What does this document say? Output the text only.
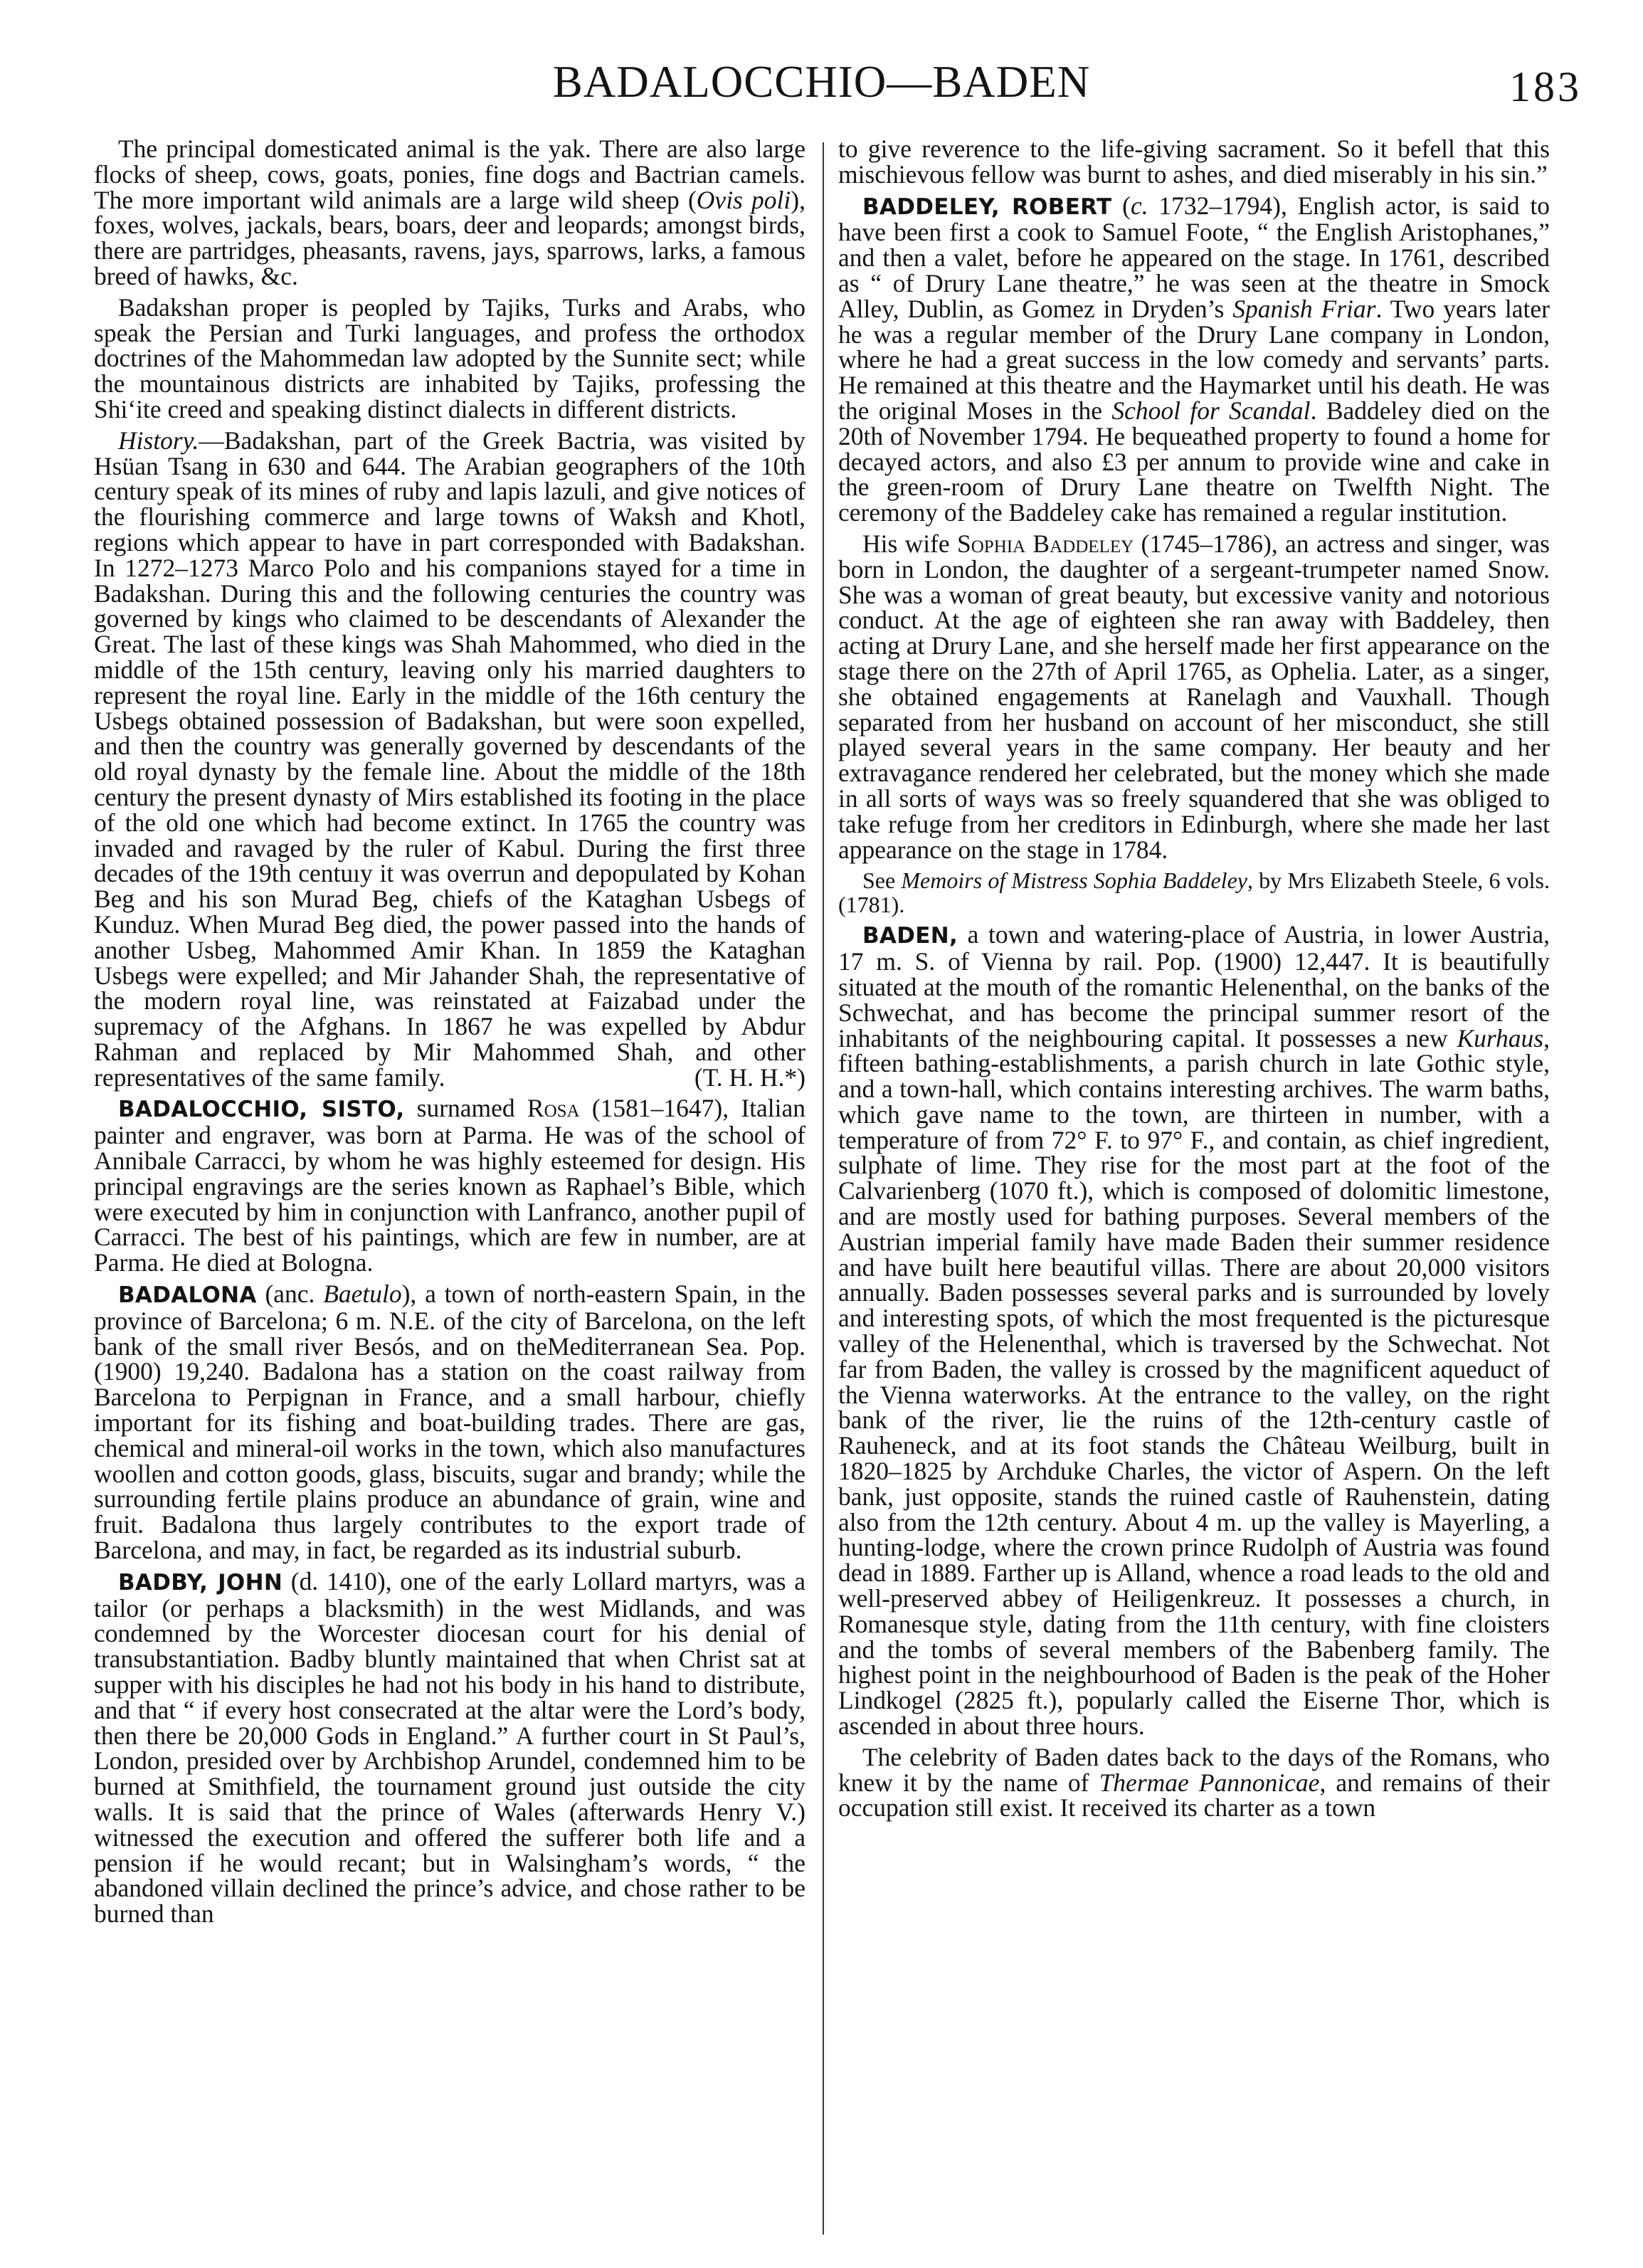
BADALOCCHIO—BADEN	183

The principal domesticated animal is the yak. There are also large flocks of sheep, cows, goats, ponies, fine dogs and Bactrian camels. The more important wild animals are a large wild sheep (Ovis poli), foxes, wolves, jackals, bears, boars, deer and leopards; amongst birds, there are partridges, pheasants, ravens, jays, sparrows, larks, a famous breed of hawks, &c.

Badakshan proper is peopled by Tajiks, Turks and Arabs, who speak the Persian and Turki languages, and profess the orthodox doctrines of the Mahommedan law adopted by the Sunnite sect; while the mountainous districts are inhabited by Tajiks, professing the Shi‘ite creed and speaking distinct dialects in different districts.

History.—Badakshan, part of the Greek Bactria, was visited by Hsüan Tsang in 630 and 644. The Arabian geographers of the 10th century speak of its mines of ruby and lapis lazuli, and give notices of the flourishing commerce and large towns of Waksh and Khotl, regions which appear to have in part corresponded with Badakshan. In 1272–1273 Marco Polo and his companions stayed for a time in Badakshan. During this and the following centuries the country was governed by kings who claimed to be descendants of Alexander the Great. The last of these kings was Shah Mahommed, who died in the middle of the 15th century, leaving only his married daughters to represent the royal line. Early in the middle of the 16th century the Usbegs obtained possession of Badakshan, but were soon expelled, and then the country was generally governed by descendants of the old royal dynasty by the female line. About the middle of the 18th century the present dynasty of Mirs established its footing in the place of the old one which had become extinct. In 1765 the country was invaded and ravaged by the ruler of Kabul. During the first three decades of the 19th centuıy it was overrun and depopulated by Kohan Beg and his son Murad Beg, chiefs of the Kataghan Usbegs of Kunduz. When Murad Beg died, the power passed into the hands of another Usbeg, Mahommed Amir Khan. In 1859 the Kataghan Usbegs were expelled; and Mir Jahander Shah, the representative of the modern royal line, was reinstated at Faizabad under the supremacy of the Afghans. In 1867 he was expelled by Abdur Rahman and replaced by Mir Mahommed Shah, and other representatives of the same family.	(T. H. H.*)

BADALOCCHIO, SISTO, surnamed Rosa (1581–1647), Italian painter and engraver, was born at Parma. He was of the school of Annibale Carracci, by whom he was highly esteemed for design. His principal engravings are the series known as Raphael’s Bible, which were executed by him in conjunction with Lanfranco, another pupil of Carracci. The best of his paintings, which are few in number, are at Parma. He died at Bologna.

BADALONA (anc. Baetulo), a town of north-eastern Spain, in the province of Barcelona; 6 m. N.E. of the city of Barcelona, on the left bank of the small river Besós, and on theMediterranean Sea. Pop. (1900) 19,240. Badalona has a station on the coast railway from Barcelona to Perpignan in France, and a small harbour, chiefly important for its fishing and boat-building trades. There are gas, chemical and mineral-oil works in the town, which also manufactures woollen and cotton goods, glass, biscuits, sugar and brandy; while the surrounding fertile plains produce an abundance of grain, wine and fruit. Badalona thus largely contributes to the export trade of Barcelona, and may, in fact, be regarded as its industrial suburb.

BADBY, JOHN (d. 1410), one of the early Lollard martyrs, was a tailor (or perhaps a blacksmith) in the west Midlands, and was condemned by the Worcester diocesan court for his denial of transubstantiation. Badby bluntly maintained that when Christ sat at supper with his disciples he had not his body in his hand to distribute, and that “ if every host consecrated at the altar were the Lord’s body, then there be 20,000 Gods in England.” A further court in St Paul’s, London, presided over by Archbishop Arundel, condemned him to be burned at Smithfield, the tournament ground just outside the city walls. It is said that the prince of Wales (afterwards Henry V.) witnessed the execution and offered the sufferer both life and a pension if he would recant; but in Walsingham’s words, “ the abandoned villain declined the prince’s advice, and chose rather to be burned than

to give reverence to the life-giving sacrament. So it befell that this mischievous fellow was burnt to ashes, and died miserably in his sin.”

BADDELEY, ROBERT (c. 1732–1794), English actor, is said to have been first a cook to Samuel Foote, “ the English Aristophanes,” and then a valet, before he appeared on the stage. In 1761, described as “ of Drury Lane theatre,” he was seen at the theatre in Smock Alley, Dublin, as Gomez in Dryden’s Spanish Friar. Two years later he was a regular member of the Drury Lane company in London, where he had a great success in the low comedy and servants’ parts. He remained at this theatre and the Haymarket until his death. He was the original Moses in the School for Scandal. Baddeley died on the 20th of November 1794. He bequeathed property to found a home for decayed actors, and also £3 per annum to provide wine and cake in the green-room of Drury Lane theatre on Twelfth Night. The ceremony of the Baddeley cake has remained a regular institution.

His wife Sophia Baddeley (1745–1786), an actress and singer, was born in London, the daughter of a sergeant-trumpeter named Snow. She was a woman of great beauty, but excessive vanity and notorious conduct. At the age of eighteen she ran away with Baddeley, then acting at Drury Lane, and she herself made her first appearance on the stage there on the 27th of April 1765, as Ophelia. Later, as a singer, she obtained engagements at Ranelagh and Vauxhall. Though separated from her husband on account of her misconduct, she still played several years in the same company. Her beauty and her extravagance rendered her celebrated, but the money which she made in all sorts of ways was so freely squandered that she was obliged to take refuge from her creditors in Edinburgh, where she made her last appearance on the stage in 1784.

See Memoirs of Mistress Sophia Baddeley, by Mrs Elizabeth Steele, 6 vols. (1781).

BADEN, a town and watering-place of Austria, in lower Austria, 17 m. S. of Vienna by rail. Pop. (1900) 12,447. It is beautifully situated at the mouth of the romantic Helenenthal, on the banks of the Schwechat, and has become the principal summer resort of the inhabitants of the neighbouring capital. It possesses a new Kurhaus, fifteen bathing-establishments, a parish church in late Gothic style, and a town-hall, which contains interesting archives. The warm baths, which gave name to the town, are thirteen in number, with a temperature of from 72° F. to 97° F., and contain, as chief ingredient, sulphate of lime. They rise for the most part at the foot of the Calvarienberg (1070 ft.), which is composed of dolomitic limestone, and are mostly used for bathing purposes. Several members of the Austrian imperial family have made Baden their summer residence and have built here beautiful villas. There are about 20,000 visitors annually. Baden possesses several parks and is surrounded by lovely and interesting spots, of which the most frequented is the picturesque valley of the Helenenthal, which is traversed by the Schwechat. Not far from Baden, the valley is crossed by the magnificent aqueduct of the Vienna waterworks. At the entrance to the valley, on the right bank of the river, lie the ruins of the 12th-century castle of Rauheneck, and at its foot stands the Château Weilburg, built in 1820–1825 by Archduke Charles, the victor of Aspern. On the left bank, just opposite, stands the ruined castle of Rauhenstein, dating also from the 12th century. About 4 m. up the valley is Mayerling, a hunting-lodge, where the crown prince Rudolph of Austria was found dead in 1889. Farther up is Alland, whence a road leads to the old and well-preserved abbey of Heiligenkreuz. It possesses a church, in Romanesque style, dating from the 11th century, with fine cloisters and the tombs of several members of the Babenberg family. The highest point in the neighbourhood of Baden is the peak of the Hoher Lindkogel (2825 ft.), popularly called the Eiserne Thor, which is ascended in about three hours.

The celebrity of Baden dates back to the days of the Romans, who knew it by the name of Thermae Pannonicae, and remains of their occupation still exist. It received its charter as a town
